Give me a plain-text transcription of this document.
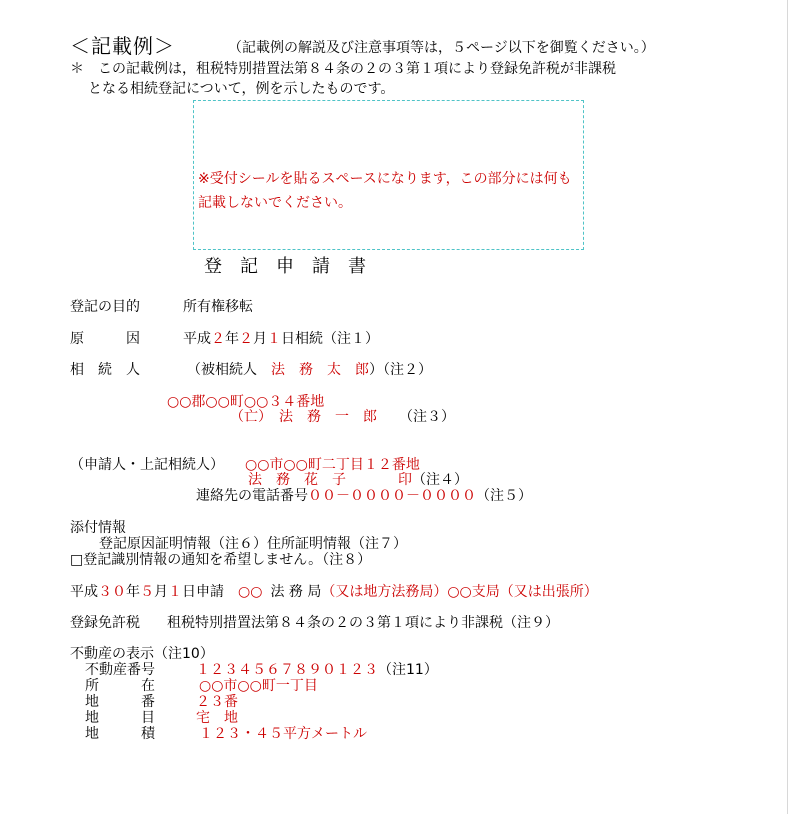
＜記載例＞	（記載例の解説及び注意事項等は，５ページ以下を御覧ください。）
＊　この記載例は，租税特別措置法第８４条の２の３第１項により登録免許税が非課税
となる相続登記について，例を示したものです。
※受付シールを貼るスペースになります，この部分には何も記載しないでください。
登　記　申　請　書
登記の目的	所有権移転
原　　　因	平成２年２月１日相続（注１）
相　続　人	（被相続人 法　務　太　郎）（注２）
○○郡○○町○○３４番地
（亡）　法　務　一　郎 （注３）
（申請人・上記相続人） ○○市○○町二丁目１２番地
法　務　花　子	印（注４）
連絡先の電話番号００－００００－００００（注５）
添付情報
登記原因証明情報（注６）住所証明情報（注７）
□登記識別情報の通知を希望しません。（注８）
平成３０年５月１日申請 ○○ 法 務 局（又は地方法務局）○○支局（又は出張所）
登録免許税 租税特別措置法第８４条の２の３第１項により非課税（注９）
不動産の表示（注10）
不動産番号	１２３４５６７８９０１２３（注11）
所　　　在	○○市○○町一丁目
地　　　番	２３番
地　　　目	宅　地
地　　　積	１２３・４５平方メートル
